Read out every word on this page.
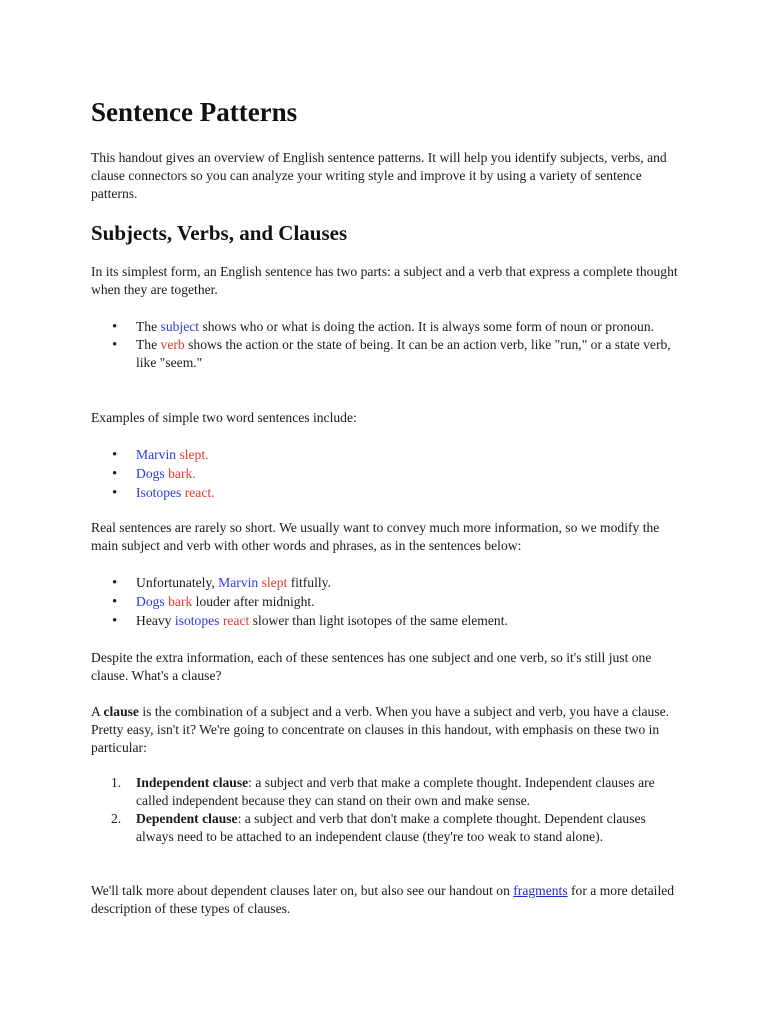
Sentence Patterns

This handout gives an overview of English sentence patterns. It will help you identify subjects, verbs, and clause connectors so you can analyze your writing style and improve it by using a variety of sentence patterns.

Subjects, Verbs, and Clauses

In its simplest form, an English sentence has two parts: a subject and a verb that express a complete thought when they are together.

• The subject shows who or what is doing the action. It is always some form of noun or pronoun.
• The verb shows the action or the state of being. It can be an action verb, like "run," or a state verb, like "seem."

Examples of simple two word sentences include:

• Marvin slept.
• Dogs bark.
• Isotopes react.

Real sentences are rarely so short. We usually want to convey much more information, so we modify the main subject and verb with other words and phrases, as in the sentences below:

• Unfortunately, Marvin slept fitfully.
• Dogs bark louder after midnight.
• Heavy isotopes react slower than light isotopes of the same element.

Despite the extra information, each of these sentences has one subject and one verb, so it's still just one clause. What's a clause?

A clause is the combination of a subject and a verb. When you have a subject and verb, you have a clause. Pretty easy, isn't it? We're going to concentrate on clauses in this handout, with emphasis on these two in particular:

1. Independent clause: a subject and verb that make a complete thought. Independent clauses are called independent because they can stand on their own and make sense.
2. Dependent clause: a subject and verb that don't make a complete thought. Dependent clauses always need to be attached to an independent clause (they're too weak to stand alone).

We'll talk more about dependent clauses later on, but also see our handout on fragments for a more detailed description of these types of clauses.
